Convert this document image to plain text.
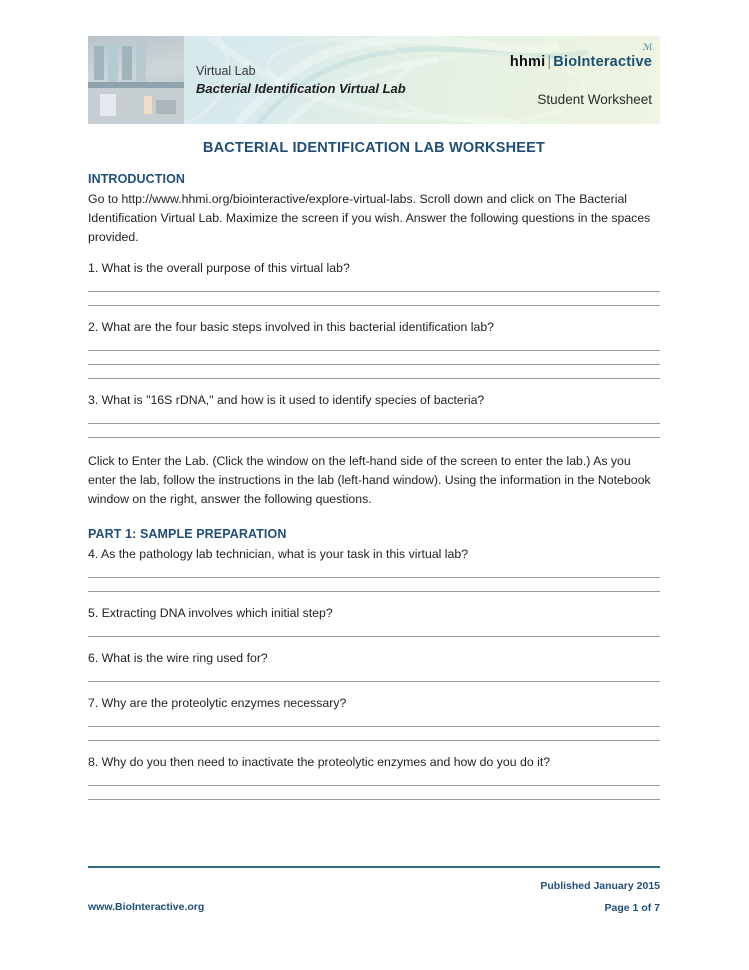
Virtual Lab
Bacterial Identification Virtual Lab
ℳ
hhmi | BioInteractive
Student Worksheet
BACTERIAL IDENTIFICATION LAB WORKSHEET
INTRODUCTION

Go to http://www.hhmi.org/biointeractive/explore-virtual-labs. Scroll down and click on The Bacterial Identification Virtual Lab. Maximize the screen if you wish. Answer the following questions in the spaces provided.

1. What is the overall purpose of this virtual lab?

2. What are the four basic steps involved in this bacterial identification lab?

3. What is "16S rDNA," and how is it used to identify species of bacteria?

Click to Enter the Lab. (Click the window on the left-hand side of the screen to enter the lab.) As you enter the lab, follow the instructions in the lab (left-hand window). Using the information in the Notebook window on the right, answer the following questions.

PART 1: SAMPLE PREPARATION

4. As the pathology lab technician, what is your task in this virtual lab?

5. Extracting DNA involves which initial step?

6. What is the wire ring used for?

7. Why are the proteolytic enzymes necessary?

8. Why do you then need to inactivate the proteolytic enzymes and how do you do it?

Published January 2015
Page 1 of 7
www.BioInteractive.org
